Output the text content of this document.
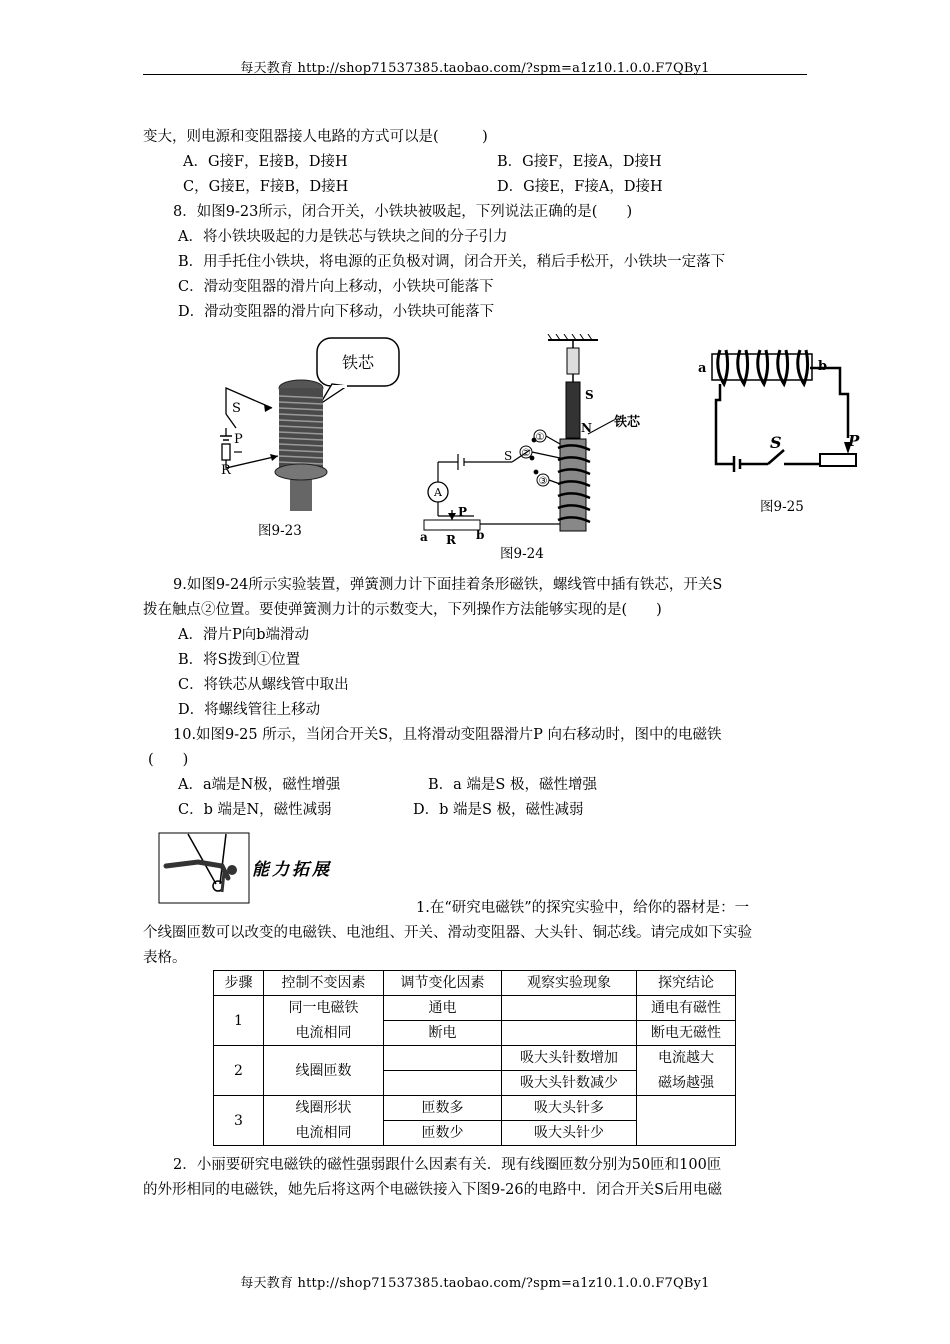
每天教育 http://shop71537385.taobao.com/?spm=a1z10.1.0.0.F7QBy1
变大，则电源和变阻器接人电路的方式可以是(　　　)
A．G接F，E接B，D接H	B．G接F，E接A，D接H
C，G接E，F接B，D接H	D．G接E，F接A，D接H
8．如图9-23所示，闭合开关，小铁块被吸起，下列说法正确的是(　　)
A．将小铁块吸起的力是铁芯与铁块之间的分子引力
B．用手托住小铁块，将电源的正负极对调，闭合开关，稍后手松开，小铁块一定落下
C．滑动变阻器的滑片向上移动，小铁块可能落下
D．滑动变阻器的滑片向下移动，小铁块可能落下
铁芯
S
P
R
图9-23
S
N 铁芯
①
②
③
S
A
P
a R b
图9-24
a	b
S	P
图9-25
9.如图9-24所示实验装置，弹簧测力计下面挂着条形磁铁，螺线管中插有铁芯，开关S
拨在触点②位置。要使弹簧测力计的示数变大，下列操作方法能够实现的是(　　)
A．滑片P向b端滑动
B．将S拨到①位置
C．将铁芯从螺线管中取出
D．将螺线管往上移动
10.如图9-25 所示，当闭合开关S，且将滑动变阻器滑片P 向右移动时，图中的电磁铁
(　　)
A．a端是N极，磁性增强	B．a 端是S 极，磁性增强
C．b 端是N，磁性减弱	D．b 端是S 极，磁性减弱
能力拓展
1.在“研究电磁铁”的探究实验中，给你的器材是：一
个线圈匝数可以改变的电磁铁、电池组、开关、滑动变阻器、大头针、铜芯线。请完成如下实验
表格。
步骤	控制不变因素	调节变化因素	观察实验现象	探究结论
1	同一电磁铁	通电		通电有磁性
	电流相同	断电		断电无磁性
2	线圈匝数		吸大头针数增加	电流越大
			吸大头针数减少	磁场越强
3	线圈形状	匝数多	吸大头针多	
	电流相同	匝数少	吸大头针少	
2．小丽要研究电磁铁的磁性强弱跟什么因素有关．现有线圈匝数分别为50匝和100匝
的外形相同的电磁铁，她先后将这两个电磁铁接入下图9-26的电路中．闭合开关S后用电磁
每天教育 http://shop71537385.taobao.com/?spm=a1z10.1.0.0.F7QBy1
